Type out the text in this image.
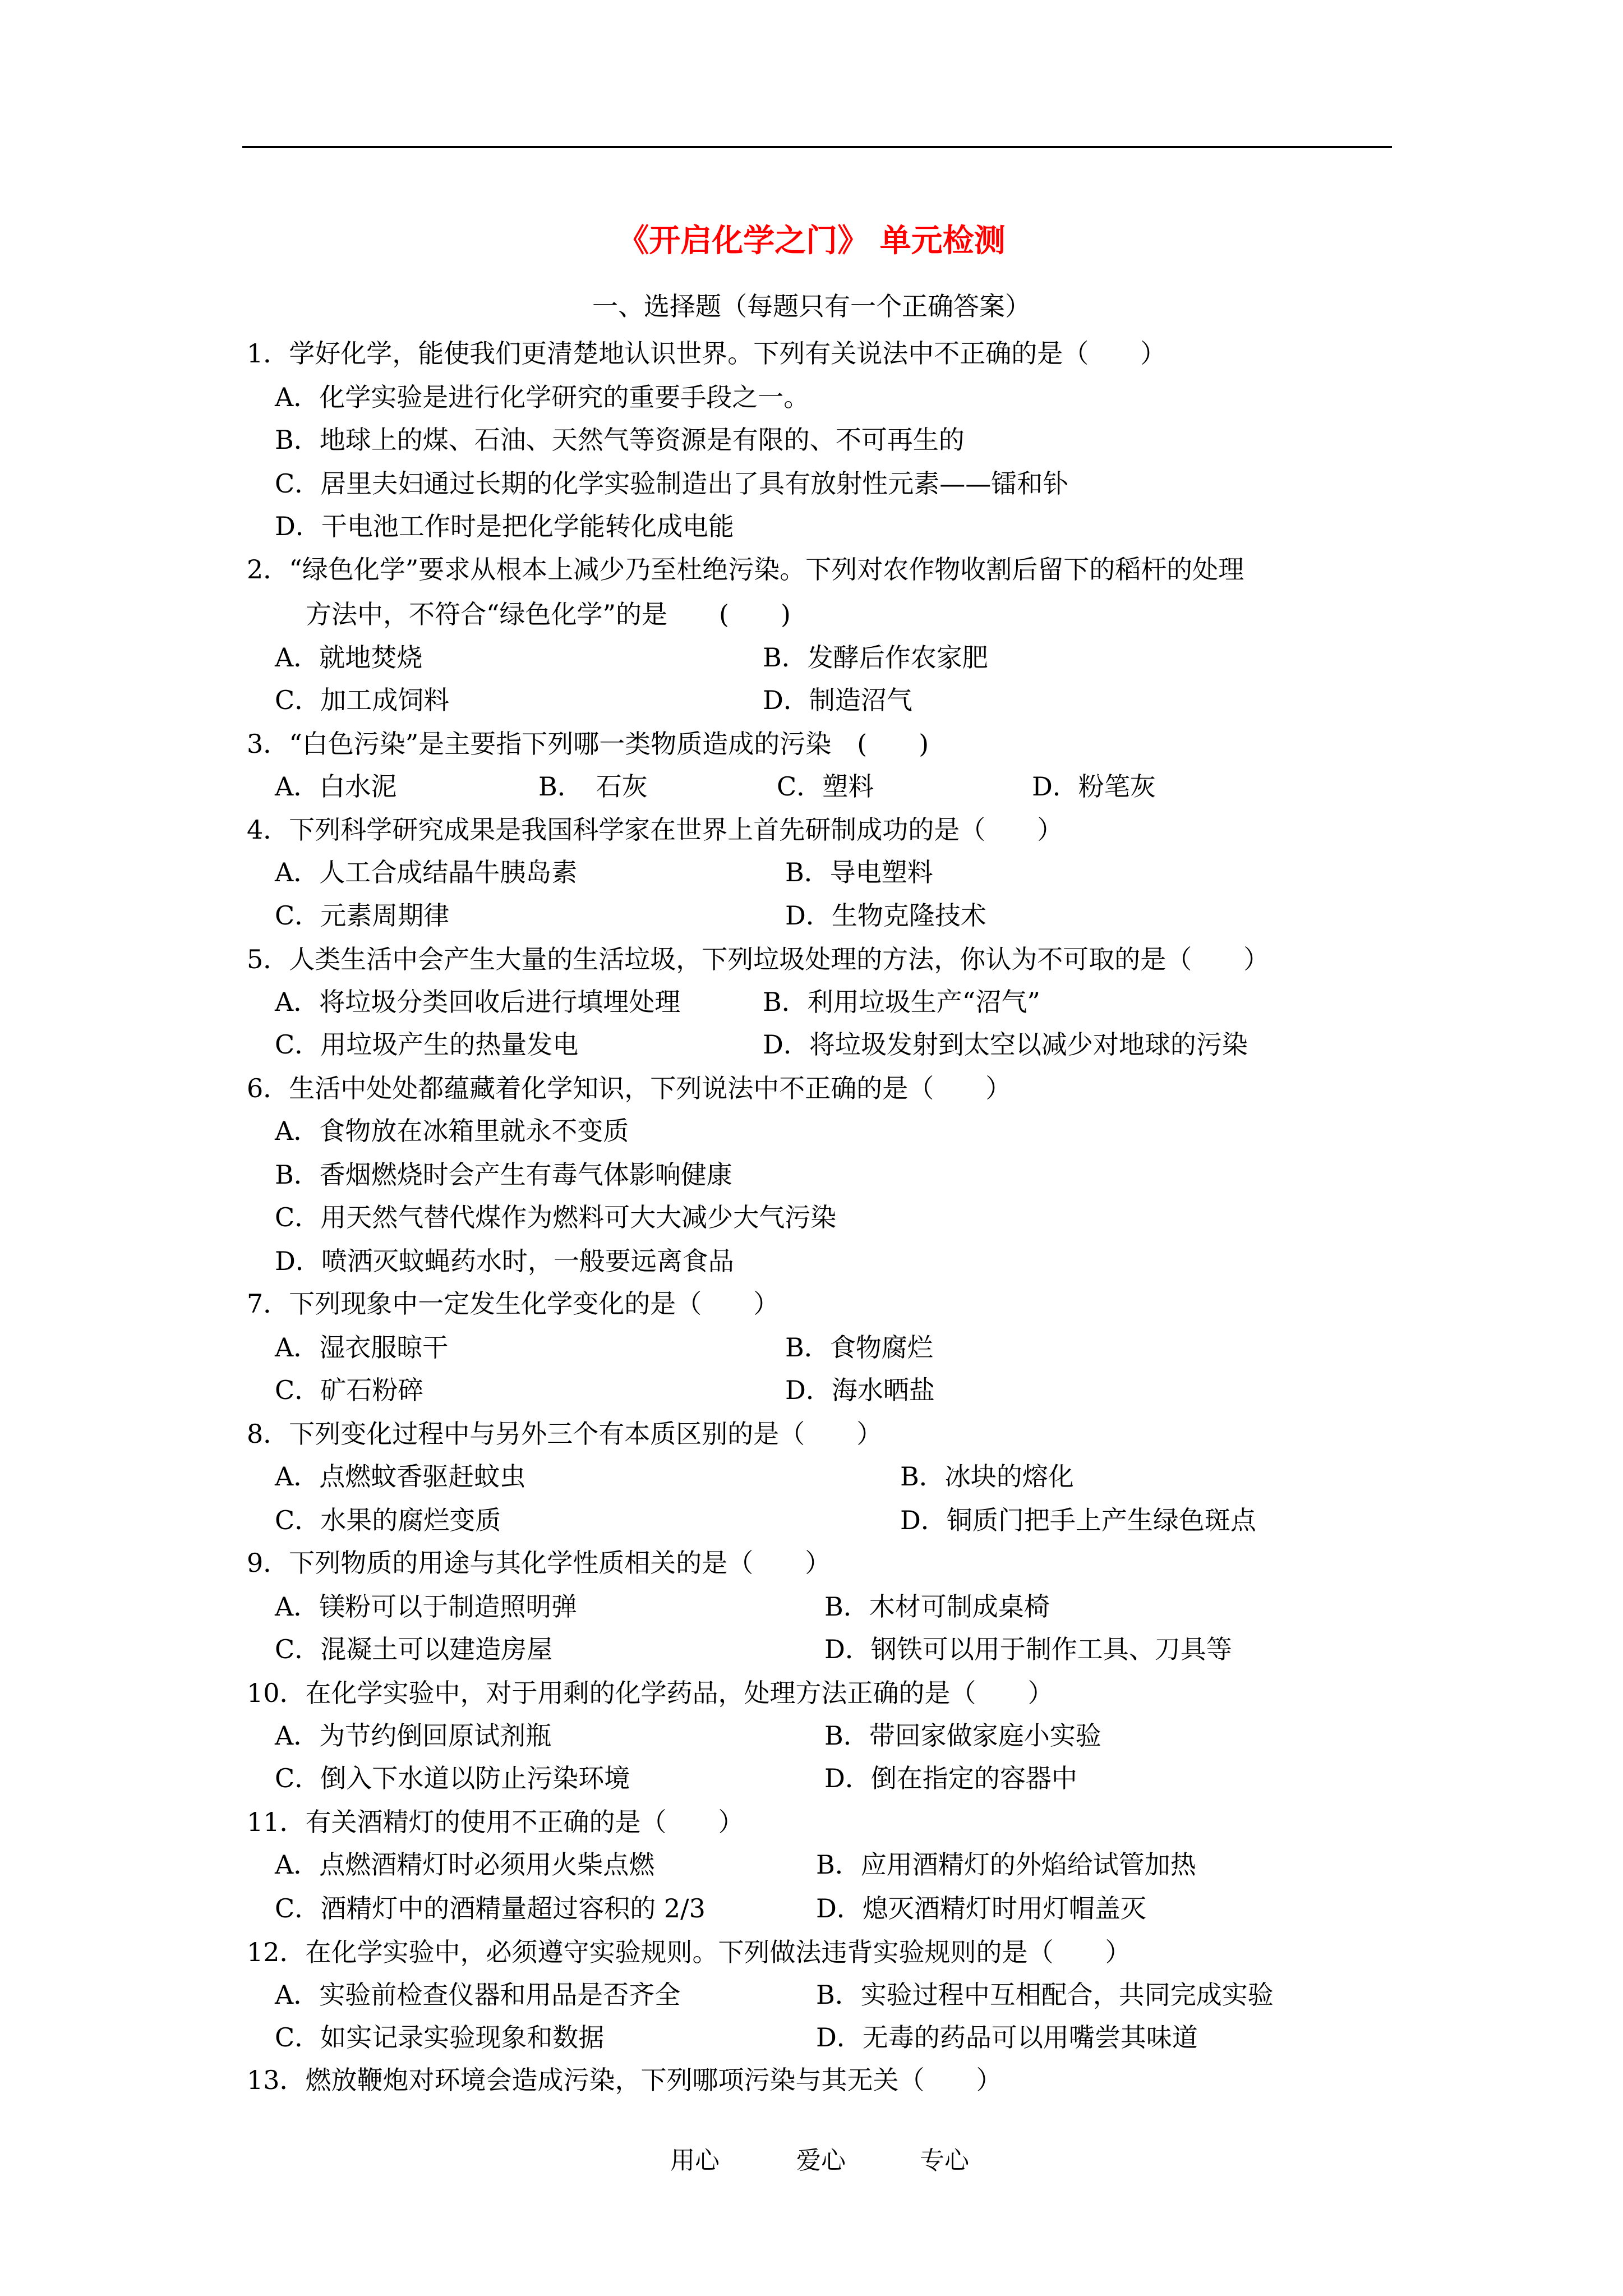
《开启化学之门》 单元检测
一、选择题（每题只有一个正确答案）
1．学好化学，能使我们更清楚地认识世界。下列有关说法中不正确的是（　　）
A．化学实验是进行化学研究的重要手段之一。
B．地球上的煤、石油、天然气等资源是有限的、不可再生的
C．居里夫妇通过长期的化学实验制造出了具有放射性元素——镭和钋
D．干电池工作时是把化学能转化成电能
2．“绿色化学”要求从根本上减少乃至杜绝污染。下列对农作物收割后留下的稻杆的处理
方法中，不符合“绿色化学”的是　　(　　)
A．就地焚烧	B．发酵后作农家肥
C．加工成饲料	D．制造沼气
3．“白色污染”是主要指下列哪一类物质造成的污染　(　　)
A．白水泥	B．　石灰	C．塑料	D．粉笔灰
4．下列科学研究成果是我国科学家在世界上首先研制成功的是（　　）
A．人工合成结晶牛胰岛素	B．导电塑料
C．元素周期律	D．生物克隆技术
5．人类生活中会产生大量的生活垃圾，下列垃圾处理的方法，你认为不可取的是（　　）
A．将垃圾分类回收后进行填埋处理	B．利用垃圾生产“沼气”
C．用垃圾产生的热量发电	D．将垃圾发射到太空以减少对地球的污染
6．生活中处处都蕴藏着化学知识，下列说法中不正确的是（　　）
A．食物放在冰箱里就永不变质
B．香烟燃烧时会产生有毒气体影响健康
C．用天然气替代煤作为燃料可大大减少大气污染
D．喷洒灭蚊蝇药水时，一般要远离食品
7．下列现象中一定发生化学变化的是（　　）
A．湿衣服晾干	B．食物腐烂
C．矿石粉碎	D．海水晒盐
8．下列变化过程中与另外三个有本质区别的是（　　）
A．点燃蚊香驱赶蚊虫	B．冰块的熔化
C．水果的腐烂变质	D．铜质门把手上产生绿色斑点
9．下列物质的用途与其化学性质相关的是（　　）
A．镁粉可以于制造照明弹	B．木材可制成桌椅
C．混凝土可以建造房屋	D．钢铁可以用于制作工具、刀具等
10．在化学实验中，对于用剩的化学药品，处理方法正确的是（　　）
A．为节约倒回原试剂瓶	B．带回家做家庭小实验
C．倒入下水道以防止污染环境	D．倒在指定的容器中
11．有关酒精灯的使用不正确的是（　　）
A．点燃酒精灯时必须用火柴点燃	B．应用酒精灯的外焰给试管加热
C．酒精灯中的酒精量超过容积的 2/3	D．熄灭酒精灯时用灯帽盖灭
12．在化学实验中，必须遵守实验规则。下列做法违背实验规则的是（　　）
A．实验前检查仪器和用品是否齐全	B．实验过程中互相配合，共同完成实验
C．如实记录实验现象和数据	D．无毒的药品可以用嘴尝其味道
13．燃放鞭炮对环境会造成污染，下列哪项污染与其无关（　　）
用心	爱心	专心
